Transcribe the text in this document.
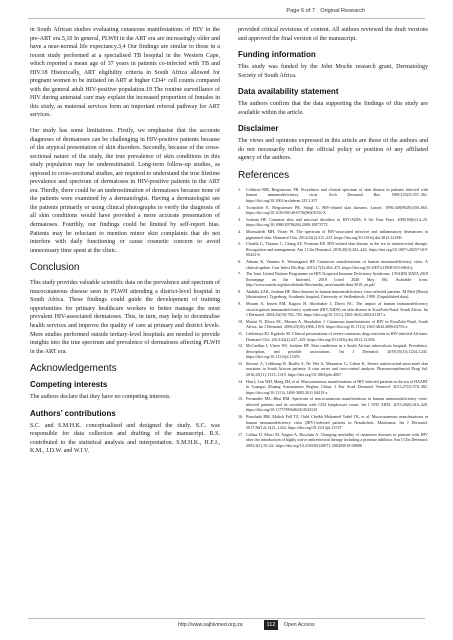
Page 6 of 7 Original Research

in South African studies evaluating cutaneous manifestations of HIV in the pre-ART era.5,10 In general, PLWH in the ART era are increasingly older and have a near-normal life expectancy.3,4 Our findings are similar to those in a recent study performed at a specialised TB hospital in the Western Cape, which reported a mean age of 37 years in patients co-infected with TB and HIV.18 Historically, ART eligibility criteria in South Africa allowed for pregnant women to be initiated on ART at higher CD4+ cell counts compared with the general adult HIV-positive population.19 The routine surveillance of HIV during antenatal care may explain the increased proportion of females in this study, as maternal services form an important referral pathway for ART services.

Our study has some limitations. Firstly, we emphasise that the accurate diagnoses of dermatoses can be challenging in HIV-positive patients because of the atypical presentation of skin disorders. Secondly, because of the cross-sectional nature of the study, the true prevalence of skin conditions in this study population may be underestimated. Long-term follow-up studies, as opposed to cross-sectional studies, are required to understand the true lifetime prevalence and spectrum of dermatoses in HIV-positive patients in the ART era. Thirdly, there could be an underestimation of dermatoses because none of the patients were examined by a dermatologist. Having a dermatologist see the patients primarily or using clinical photographs to verify the diagnosis of all skin conditions would have provided a more accurate presentation of dermatoses. Fourthly, our findings could be limited by self-report bias. Patients may be reluctant to mention minor skin complaints that do not interfere with daily functioning or cause cosmetic concern to avoid unnecessary time spent at the clinic.

Conclusion

This study provides valuable scientific data on the prevalence and spectrum of mucocutaneous disease seen in PLWH attending a district-level hospital in South Africa. These findings could guide the development of training opportunities for primary healthcare workers to better manage the most prevalent HIV-associated dermatoses. This, in turn, may help to decentralise health services and improve the quality of care at primary and district levels. More studies performed outside tertiary-level hospitals are needed to provide insights into the true spectrum and prevalence of dermatoses affecting PLWH in the ART era.

Acknowledgements
Competing interests

The authors declare that they have no competing interests.

Authors’ contributions

S.C. and S.M.H.K. conceptualised and designed the study. S.C. was responsible for data collection and drafting of the manuscript. R.S. contributed to the statistical analysis and interpretation. S.M.H.K., H.F.J., K.M., J.D.W. and W.I.V.

provided critical revisions of content. All authors reviewed the draft versions and approved the final version of the manuscript.

Funding information

This study was funded by the John Moche research grant, Dermatology Society of South Africa.

Data availability statement

The authors confirm that the data supporting the findings of this study are available within the article.

Disclaimer

The views and opinions expressed in this article are those of the authors and do not necessarily reflect the official policy or position of any affiliated agency of the authors.

References
1.	Coldiron BM, Bergstresser PR. Prevalence and clinical spectrum of skin disease in patients infected with human immunodeficiency virus. Arch Dermatol Res. 1989;125(3):357–361. https://doi.org/10.1001/archderm.125.3.357
2.	Tschachler E, Bergstresser PR, Stingl G. HIV-related skin diseases. Lancet. 1996;348(9028):659–663. https://doi.org/10.1016/S0140-6736(96)01032-X
3.	Jordaan HF. Common skin and mucosal disorders in HIV/AIDS. S Afr Fam Pract. 2008;50(6):14–23. https://doi.org/10.1080/20786204.2008.10873772
4.	Motswaledi MH, Visser W. The spectrum of HIV-associated infective and inflammatory dermatoses in pigmented skin. Dermatol Clin. 2014;32(2):211–225. https://doi.org/10.1016/j.det.2013.12.006
5.	Chalela G, Thomas C, Chang AY, Freeman EE. HIV-related skin disease in the era of antiretroviral therapy: Recognition and management. Am J Clin Dermatol. 2019;20(3):423–442. https://doi.org/10.1007/s40257-019-00422-6
6.	Altman K, Vanness E, Westergaard RP. Cutaneous manifestations of human immunodeficiency virus: A clinical update. Curr Infect Dis Rep. 2015;17(3):464–475. https://doi.org/10.1007/s11908-015-0464-y
7.	The Joint United Nations Programme on HIV/Acquired Immune Deficiency Syndrome. UNAIDS DATA 2018 [homepage on the Internet]. 2018 [cited 2020 May 06]. Available from: http://www.unaids.org/sites/default/files/media_asset/unaids-data-2018_en.pdf
8.	Abdulla ZAK, Jordaan HF. Skin diseases in human immunodeficiency virus infected patients. M Med (Derm) [dissertation]. Tygerberg: Academic hospital, University of Stellenbosch; 1999. [Unpublished data].
9.	Mosam A, Irusen EM, Kagoro H, Aboobaker J, Dlova NC. The impact of human immunodeficiency virus/acquired immunodeficiency syndrome (HIV/AIDS) on skin disease in KwaZulu-Natal, South Africa. Int J Dermatol. 2004;43(10):782–783. https://doi.org/10.1111/j.1365-4632.2004.02187.x
10. Moriar N, Dlova NC, Mosam A, Aboobaker J. Cutaneous manifestations of HIV in KwaZulu-Natal, South Africa. Int J Dermatol. 2006;45(10):1006–1010. https://doi.org/10.1111/j.1365-4632.2006.02703.x
11. Lehloenya RJ, Kgokolo M. Clinical presentations of severe cutaneous drug reactions in HIV-infected Africans. Dermatol Clin. 2014;32(2):227–235. https://doi.org/10.1016/j.det.2013.12.004
12. McCardlan I, Visser WI, Jordaan HF. Skin conditions in a South African tuberculosis hospital: Prevalence, description, and possible associations. Int J Dermatol. 2018;55(11):1234–1241. https://doi.org/10.1111/ijd.13355
13. Stewart A, Lefthomp R, Boulle A, De Wet A, Mazanivu G, Cohen K. Severe antiretroviral-associated skin reactions in South African patients: A case series and case-control analysis. Pharmacoepidemiol Drug Saf. 2016;25(11):1313–1319. https://doi.org/10.1002/pds.4067
14. Han J, Lun WH, Meng ZH, et al. Mucocutaneous manifestations of HIV-infected patients in the era of HAART in Guangxi Zhuang Autonomous Region, China. J Eur Acad Dermatol Venereol. 2013;27(3):376–382. https://doi.org/10.1111/j.1468-3083.2011.04419.x
15. Fernandes MS, Bhat RM. Spectrum of mucocutaneous manifestations in human immunodeficiency virus-infected patients and its correlation with CD4 lymphocyte count. Int J STD AIDS. 2015;26(6):416–420. https://doi.org/10.1177/0956462414543123
16. Bouchaib BM, Malick Fall TZ, Ould Cheikh Mohamed Vadel TK, et al. Mucocutaneous manifestations in human immunodeficiency virus (HIV)-infected patients in Nouakchott, Mauritania. Int J Dermatol. 2017;56(12):1421–1424. https://doi.org/10.1111/ijd.13747
17. Calista D, Morri M, Stagno A, Boschini A. Changing morbidity of cutaneous diseases in patients with HIV after the introduction of highly active antiretroviral therapy including a protease inhibitor. Am J Clin Dermatol. 2002;3(1):59–62. https://doi.org/10.2165/00128071-200203010-00006
http://www.sajhivmed.org.za	112	Open Access
